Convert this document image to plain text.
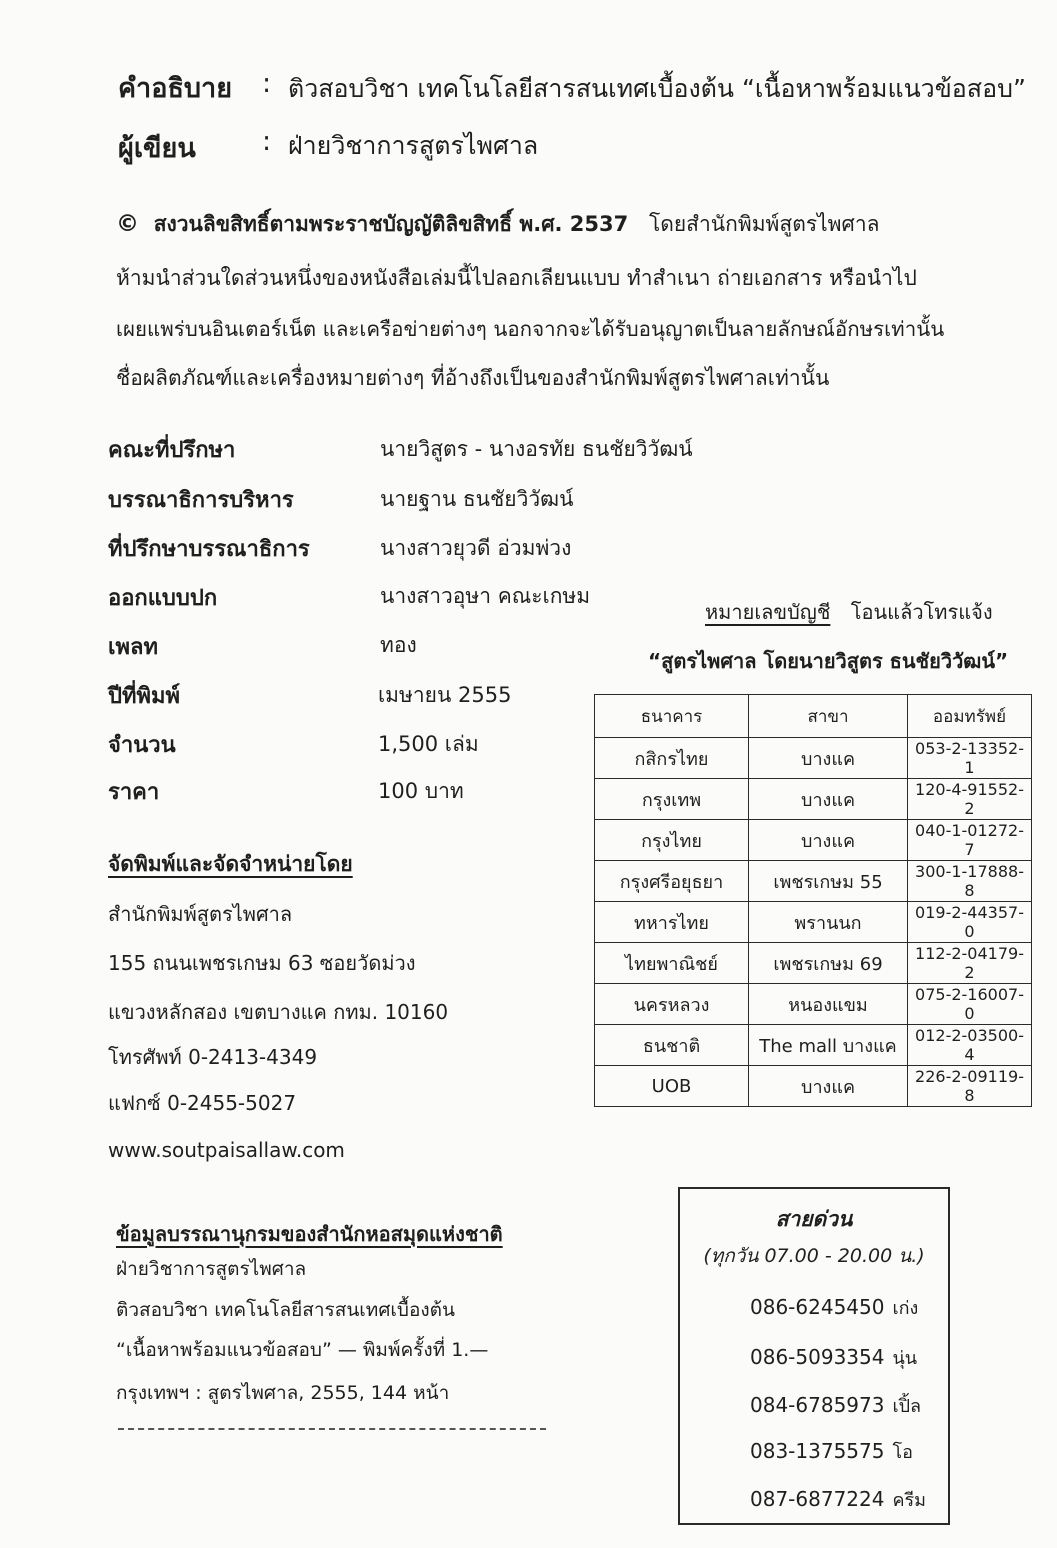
คำอธิบาย : ติวสอบวิชา เทคโนโลยีสารสนเทศเบื้องต้น “เนื้อหาพร้อมแนวข้อสอบ”
ผู้เขียน : ฝ่ายวิชาการสูตรไพศาล
© สงวนลิขสิทธิ์ตามพระราชบัญญัติลิขสิทธิ์ พ.ศ. 2537 โดยสำนักพิมพ์สูตรไพศาล
ห้ามนำส่วนใดส่วนหนึ่งของหนังสือเล่มนี้ไปลอกเลียนแบบ ทำสำเนา ถ่ายเอกสาร หรือนำไป
เผยแพร่บนอินเตอร์เน็ต และเครือข่ายต่างๆ นอกจากจะได้รับอนุญาตเป็นลายลักษณ์อักษรเท่านั้น
ชื่อผลิตภัณฑ์และเครื่องหมายต่างๆ ที่อ้างถึงเป็นของสำนักพิมพ์สูตรไพศาลเท่านั้น
คณะที่ปรึกษา	นายวิสูตร - นางอรทัย ธนชัยวิวัฒน์
บรรณาธิการบริหาร	นายฐาน ธนชัยวิวัฒน์
ที่ปรึกษาบรรณาธิการ	นางสาวยุวดี อ่วมพ่วง
ออกแบบปก	นางสาวอุษา คณะเกษม
เพลท	ทอง
ปีที่พิมพ์	เมษายน 2555
จำนวน	1,500 เล่ม
ราคา	100 บาท
จัดพิมพ์และจัดจำหน่ายโดย
สำนักพิมพ์สูตรไพศาล
155 ถนนเพชรเกษม 63 ซอยวัดม่วง
แขวงหลักสอง เขตบางแค กทม. 10160
โทรศัพท์ 0-2413-4349
แฟกซ์ 0-2455-5027
www.soutpaisallaw.com
หมายเลขบัญชี โอนแล้วโทรแจ้ง
“สูตรไพศาล โดยนายวิสูตร ธนชัยวิวัฒน์”
ธนาคาร	สาขา	ออมทรัพย์
กสิกรไทย	บางแค	053-2-13352-1
กรุงเทพ	บางแค	120-4-91552-2
กรุงไทย	บางแค	040-1-01272-7
กรุงศรีอยุธยา	เพชรเกษม 55	300-1-17888-8
ทหารไทย	พรานนก	019-2-44357-0
ไทยพาณิชย์	เพชรเกษม 69	112-2-04179-2
นครหลวง	หนองแขม	075-2-16007-0
ธนชาติ	The mall บางแค	012-2-03500-4
UOB	บางแค	226-2-09119-8
ข้อมูลบรรณานุกรมของสำนักหอสมุดแห่งชาติ
ฝ่ายวิชาการสูตรไพศาล
ติวสอบวิชา เทคโนโลยีสารสนเทศเบื้องต้น
“เนื้อหาพร้อมแนวข้อสอบ” — พิมพ์ครั้งที่ 1.—
กรุงเทพฯ : สูตรไพศาล, 2555, 144 หน้า
สายด่วน
(ทุกวัน 07.00 - 20.00 น.)
086-6245450 เก่ง
086-5093354 นุ่น
084-6785973 เปิ้ล
083-1375575 โอ
087-6877224 ครีม
